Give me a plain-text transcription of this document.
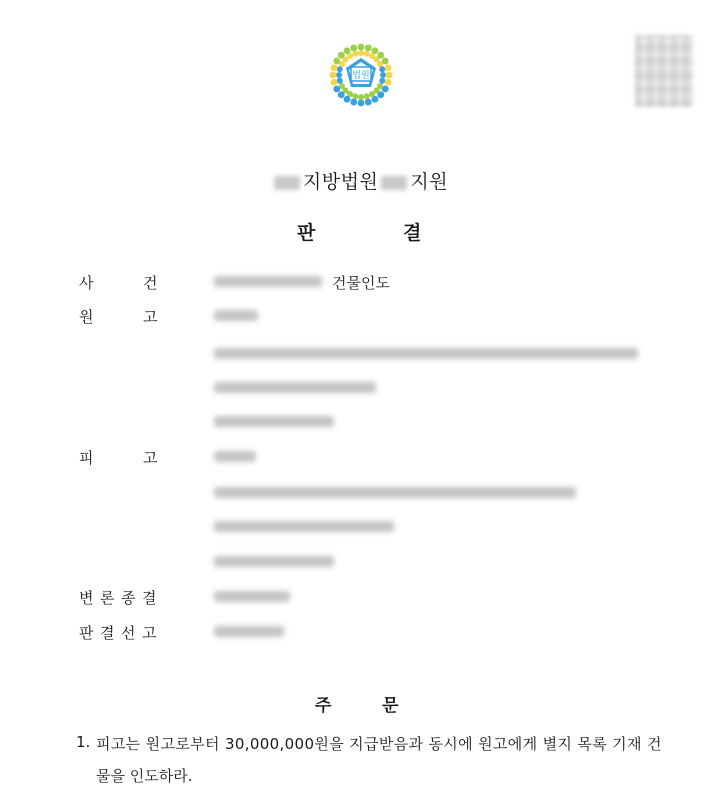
법원
지방법원 지원
판	결
사	건	건물인도
원	고
피	고
변 론 종 결
판 결 선 고
주	문
1. 피고는 원고로부터 30,000,000원을 지급받음과 동시에 원고에게 별지 목록 기재 건
물을 인도하라.
